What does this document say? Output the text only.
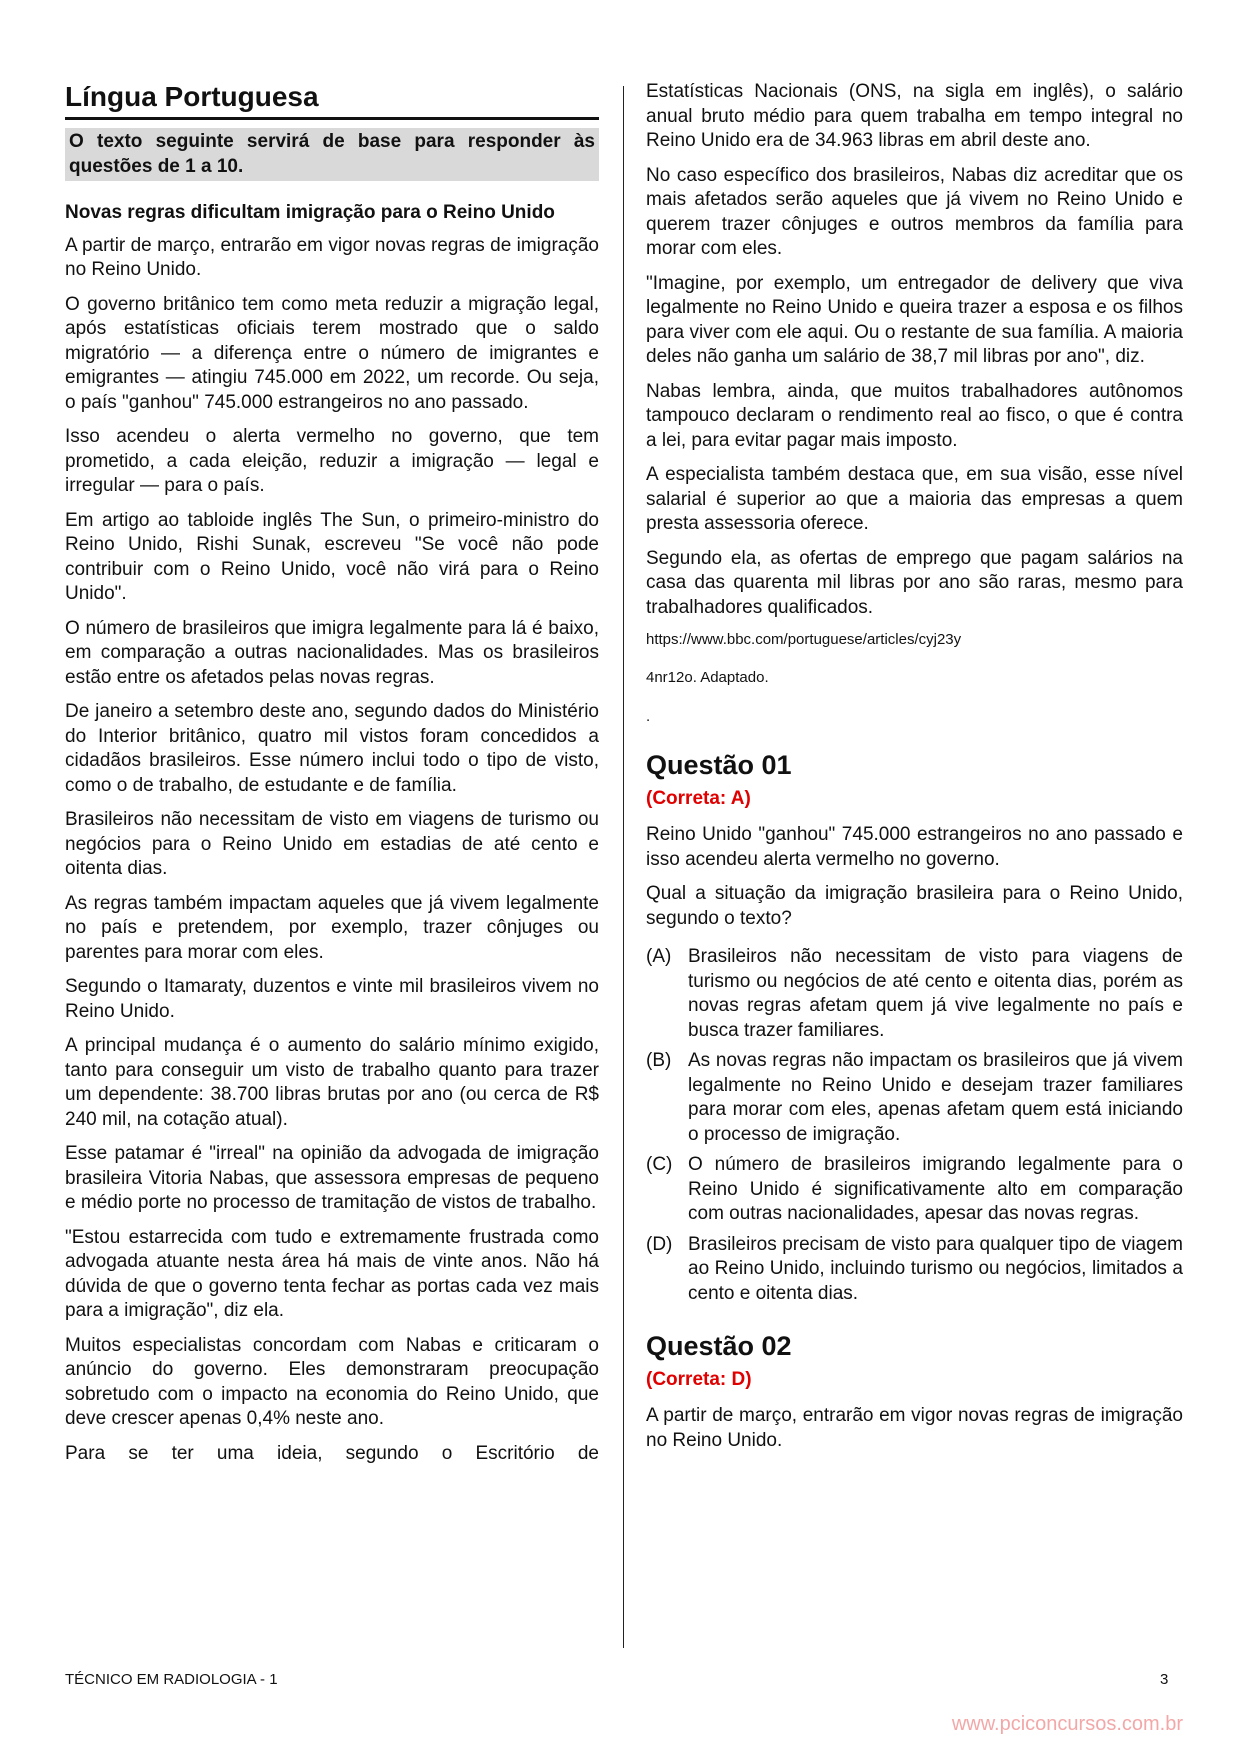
Língua Portuguesa
O texto seguinte servirá de base para responder às questões de 1 a 10.
Novas regras dificultam imigração para o Reino Unido

A partir de março, entrarão em vigor novas regras de imigração no Reino Unido.

O governo britânico tem como meta reduzir a migração legal, após estatísticas oficiais terem mostrado que o saldo migratório — a diferença entre o número de imigrantes e emigrantes — atingiu 745.000 em 2022, um recorde. Ou seja, o país "ganhou" 745.000 estrangeiros no ano passado.

Isso acendeu o alerta vermelho no governo, que tem prometido, a cada eleição, reduzir a imigração — legal e irregular — para o país.

Em artigo ao tabloide inglês The Sun, o primeiro-ministro do Reino Unido, Rishi Sunak, escreveu "Se você não pode contribuir com o Reino Unido, você não virá para o Reino Unido".

O número de brasileiros que imigra legalmente para lá é baixo, em comparação a outras nacionalidades. Mas os brasileiros estão entre os afetados pelas novas regras.

De janeiro a setembro deste ano, segundo dados do Ministério do Interior britânico, quatro mil vistos foram concedidos a cidadãos brasileiros. Esse número inclui todo o tipo de visto, como o de trabalho, de estudante e de família.

Brasileiros não necessitam de visto em viagens de turismo ou negócios para o Reino Unido em estadias de até cento e oitenta dias.

As regras também impactam aqueles que já vivem legalmente no país e pretendem, por exemplo, trazer cônjuges ou parentes para morar com eles.

Segundo o Itamaraty, duzentos e vinte mil brasileiros vivem no Reino Unido.

A principal mudança é o aumento do salário mínimo exigido, tanto para conseguir um visto de trabalho quanto para trazer um dependente: 38.700 libras brutas por ano (ou cerca de R$ 240 mil, na cotação atual).

Esse patamar é "irreal" na opinião da advogada de imigração brasileira Vitoria Nabas, que assessora empresas de pequeno e médio porte no processo de tramitação de vistos de trabalho.

"Estou estarrecida com tudo e extremamente frustrada como advogada atuante nesta área há mais de vinte anos. Não há dúvida de que o governo tenta fechar as portas cada vez mais para a imigração", diz ela.

Muitos especialistas concordam com Nabas e criticaram o anúncio do governo. Eles demonstraram preocupação sobretudo com o impacto na economia do Reino Unido, que deve crescer apenas 0,4% neste ano.

Para se ter uma ideia, segundo o Escritório de

Estatísticas Nacionais (ONS, na sigla em inglês), o salário anual bruto médio para quem trabalha em tempo integral no Reino Unido era de 34.963 libras em abril deste ano.

No caso específico dos brasileiros, Nabas diz acreditar que os mais afetados serão aqueles que já vivem no Reino Unido e querem trazer cônjuges e outros membros da família para morar com eles.

"Imagine, por exemplo, um entregador de delivery que viva legalmente no Reino Unido e queira trazer a esposa e os filhos para viver com ele aqui. Ou o restante de sua família. A maioria deles não ganha um salário de 38,7 mil libras por ano", diz.

Nabas lembra, ainda, que muitos trabalhadores autônomos tampouco declaram o rendimento real ao fisco, o que é contra a lei, para evitar pagar mais imposto.

A especialista também destaca que, em sua visão, esse nível salarial é superior ao que a maioria das empresas a quem presta assessoria oferece.

Segundo ela, as ofertas de emprego que pagam salários na casa das quarenta mil libras por ano são raras, mesmo para trabalhadores qualificados.

https://www.bbc.com/portuguese/articles/cyj23y
4nr12o. Adaptado.
.
Questão 01
(Correta: A)

Reino Unido "ganhou" 745.000 estrangeiros no ano passado e isso acendeu alerta vermelho no governo.

Qual a situação da imigração brasileira para o Reino Unido, segundo o texto?

(A) Brasileiros não necessitam de visto para viagens de turismo ou negócios de até cento e oitenta dias, porém as novas regras afetam quem já vive legalmente no país e busca trazer familiares.
(B) As novas regras não impactam os brasileiros que já vivem legalmente no Reino Unido e desejam trazer familiares para morar com eles, apenas afetam quem está iniciando o processo de imigração.
(C) O número de brasileiros imigrando legalmente para o Reino Unido é significativamente alto em comparação com outras nacionalidades, apesar das novas regras.
(D) Brasileiros precisam de visto para qualquer tipo de viagem ao Reino Unido, incluindo turismo ou negócios, limitados a cento e oitenta dias.
Questão 02
(Correta: D)

A partir de março, entrarão em vigor novas regras de imigração no Reino Unido.

TÉCNICO EM RADIOLOGIA - 1	3
www.pciconcursos.com.br
